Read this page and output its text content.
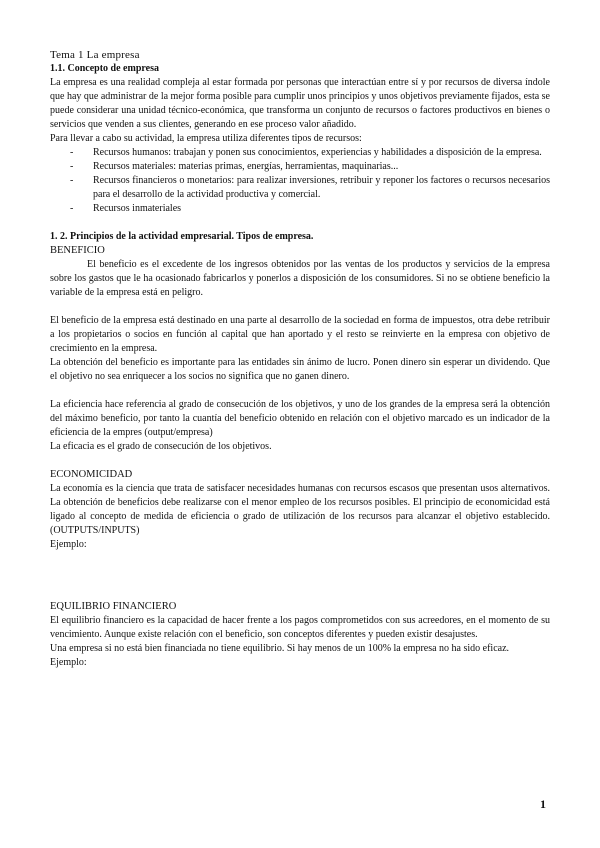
Tema 1 La empresa
1.1. Concepto de empresa

La empresa es una realidad compleja al estar formada por personas que interactúan entre sí y por recursos de diversa índole que hay que administrar de la mejor forma posible para cumplir unos principios y unos objetivos previamente fijados, esta se puede considerar una unidad técnico-económica, que transforma un conjunto de recursos o factores productivos en bienes o servicios que venden a sus clientes, generando en ese proceso valor añadido.

Para llevar a cabo su actividad, la empresa utiliza diferentes tipos de recursos:

- Recursos humanos: trabajan y ponen sus conocimientos, experiencias y habilidades a disposición de la empresa.
- Recursos materiales: materias primas, energías, herramientas, maquinarias...
- Recursos financieros o monetarios: para realizar inversiones, retribuir y reponer los factores o recursos necesarios para el desarrollo de la actividad productiva y comercial.
- Recursos inmateriales
1. 2. Principios de la actividad empresarial. Tipos de empresa.

BENEFICIO

El beneficio es el excedente de los ingresos obtenidos por las ventas de los productos y servicios de la empresa sobre los gastos que le ha ocasionado fabricarlos y ponerlos a disposición de los consumidores. Si no se obtiene beneficio la variable de la empresa está en peligro.

El beneficio de la empresa está destinado en una parte al desarrollo de la sociedad en forma de impuestos, otra debe retribuir a los propietarios o socios en función al capital que han aportado y el resto se reinvierte en la empresa con objetivo de crecimiento en la empresa.

La obtención del beneficio es importante para las entidades sin ánimo de lucro. Ponen dinero sin esperar un dividendo. Que el objetivo no sea enriquecer a los socios no significa que no ganen dinero.

La eficiencia hace referencia al grado de consecución de los objetivos, y uno de los grandes de la empresa será la obtención del máximo beneficio, por tanto la cuantía del beneficio obtenido en relación con el objetivo marcado es un indicador de la eficiencia de la empres (output/empresa)

La eficacia es el grado de consecución de los objetivos.

ECONOMICIDAD

La economía es la ciencia que trata de satisfacer necesidades humanas con recursos escasos que presentan usos alternativos. La obtención de beneficios debe realizarse con el menor empleo de los recursos posibles. El principio de economicidad está ligado al concepto de medida de eficiencia o grado de utilización de los recursos para alcanzar el objetivo establecido. (OUTPUTS/INPUTS)

Ejemplo:

EQUILIBRIO FINANCIERO

El equilibrio financiero es la capacidad de hacer frente a los pagos comprometidos con sus acreedores, en el momento de su vencimiento. Aunque existe relación con el beneficio, son conceptos diferentes y pueden existir desajustes.

Una empresa si no está bien financiada no tiene equilibrio. Si hay menos de un 100% la empresa no ha sido eficaz.

Ejemplo:

1
